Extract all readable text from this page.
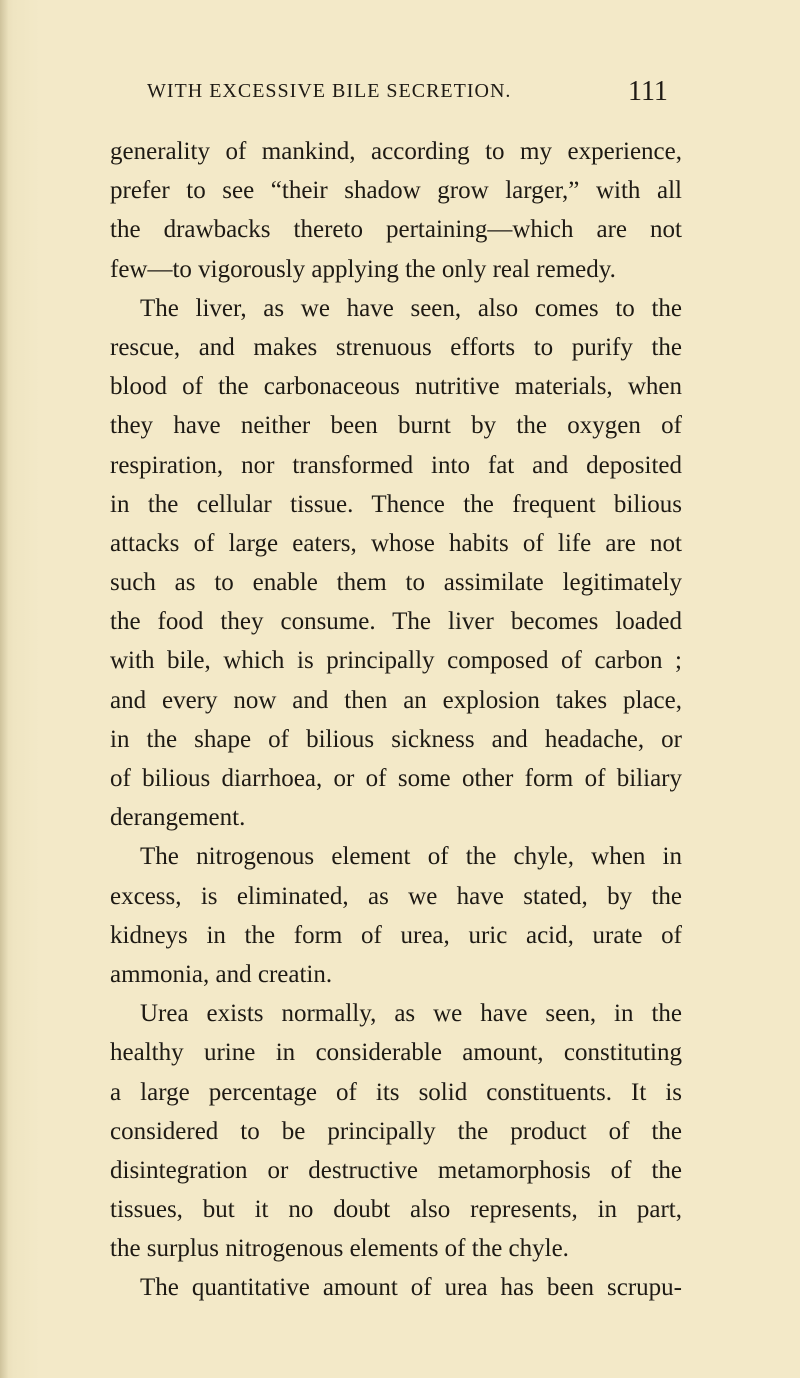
WITH EXCESSIVE BILE SECRETION.	111
generality of mankind, according to my experience,
prefer to see “their shadow grow larger,” with all
the drawbacks thereto pertaining—which are not
few—to vigorously applying the only real remedy.
The liver, as we have seen, also comes to the
rescue, and makes strenuous efforts to purify the
blood of the carbonaceous nutritive materials, when
they have neither been burnt by the oxygen of
respiration, nor transformed into fat and deposited
in the cellular tissue. Thence the frequent bilious
attacks of large eaters, whose habits of life are not
such as to enable them to assimilate legitimately
the food they consume. The liver becomes loaded
with bile, which is principally composed of carbon ;
and every now and then an explosion takes place,
in the shape of bilious sickness and headache, or
of bilious diarrhoea, or of some other form of biliary
derangement.
The nitrogenous element of the chyle, when in
excess, is eliminated, as we have stated, by the
kidneys in the form of urea, uric acid, urate of
ammonia, and creatin.
Urea exists normally, as we have seen, in the
healthy urine in considerable amount, constituting
a large percentage of its solid constituents. It is
considered to be principally the product of the
disintegration or destructive metamorphosis of the
tissues, but it no doubt also represents, in part,
the surplus nitrogenous elements of the chyle.
The quantitative amount of urea has been scrupu-
